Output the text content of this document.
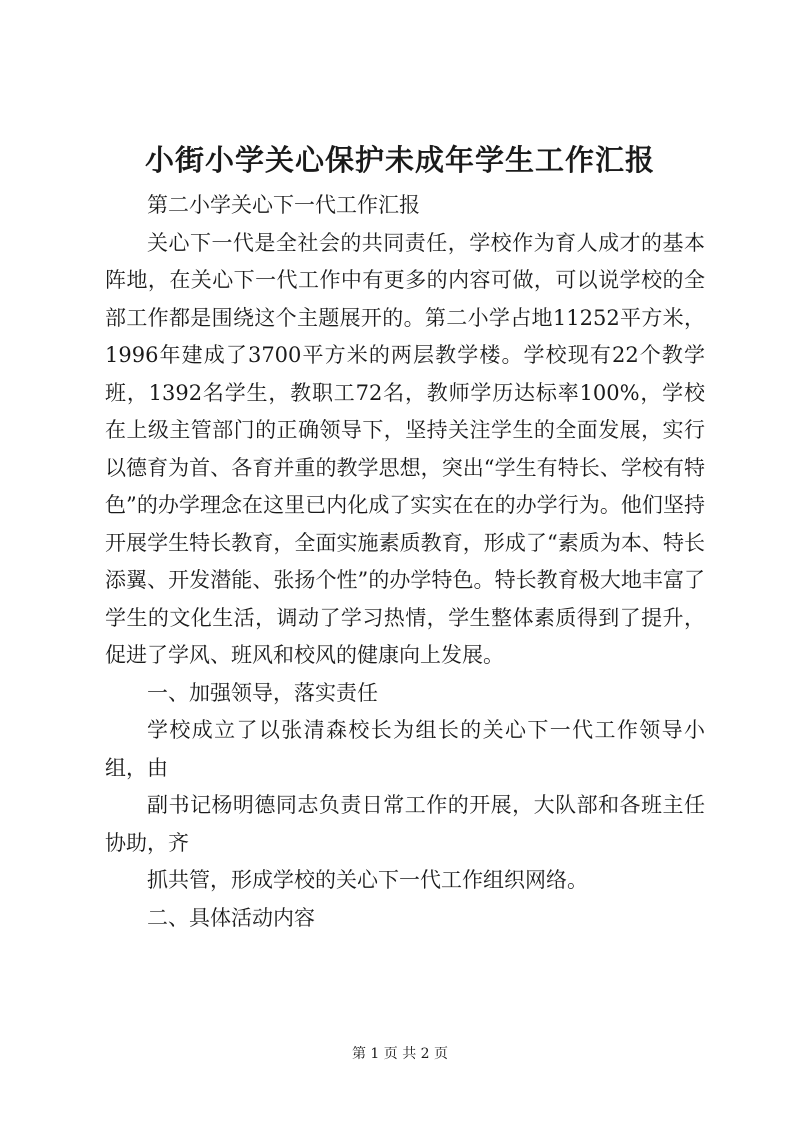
小街小学关心保护未成年学生工作汇报

第二小学关心下一代工作汇报

关心下一代是全社会的共同责任，学校作为育人成才的基本阵地，在关心下一代工作中有更多的内容可做，可以说学校的全部工作都是围绕这个主题展开的。第二小学占地11252平方米，1996年建成了3700平方米的两层教学楼。学校现有22个教学班，1392名学生，教职工72名，教师学历达标率100%，学校在上级主管部门的正确领导下，坚持关注学生的全面发展，实行以德育为首、各育并重的教学思想，突出“学生有特长、学校有特色”的办学理念在这里已内化成了实实在在的办学行为。他们坚持开展学生特长教育，全面实施素质教育，形成了“素质为本、特长添翼、开发潜能、张扬个性”的办学特色。特长教育极大地丰富了学生的文化生活，调动了学习热情，学生整体素质得到了提升，促进了学风、班风和校风的健康向上发展。

一、加强领导，落实责任

学校成立了以张清森校长为组长的关心下一代工作领导小组，由

副书记杨明德同志负责日常工作的开展，大队部和各班主任协助，齐

抓共管，形成学校的关心下一代工作组织网络。

二、具体活动内容

第 1 页 共 2 页
